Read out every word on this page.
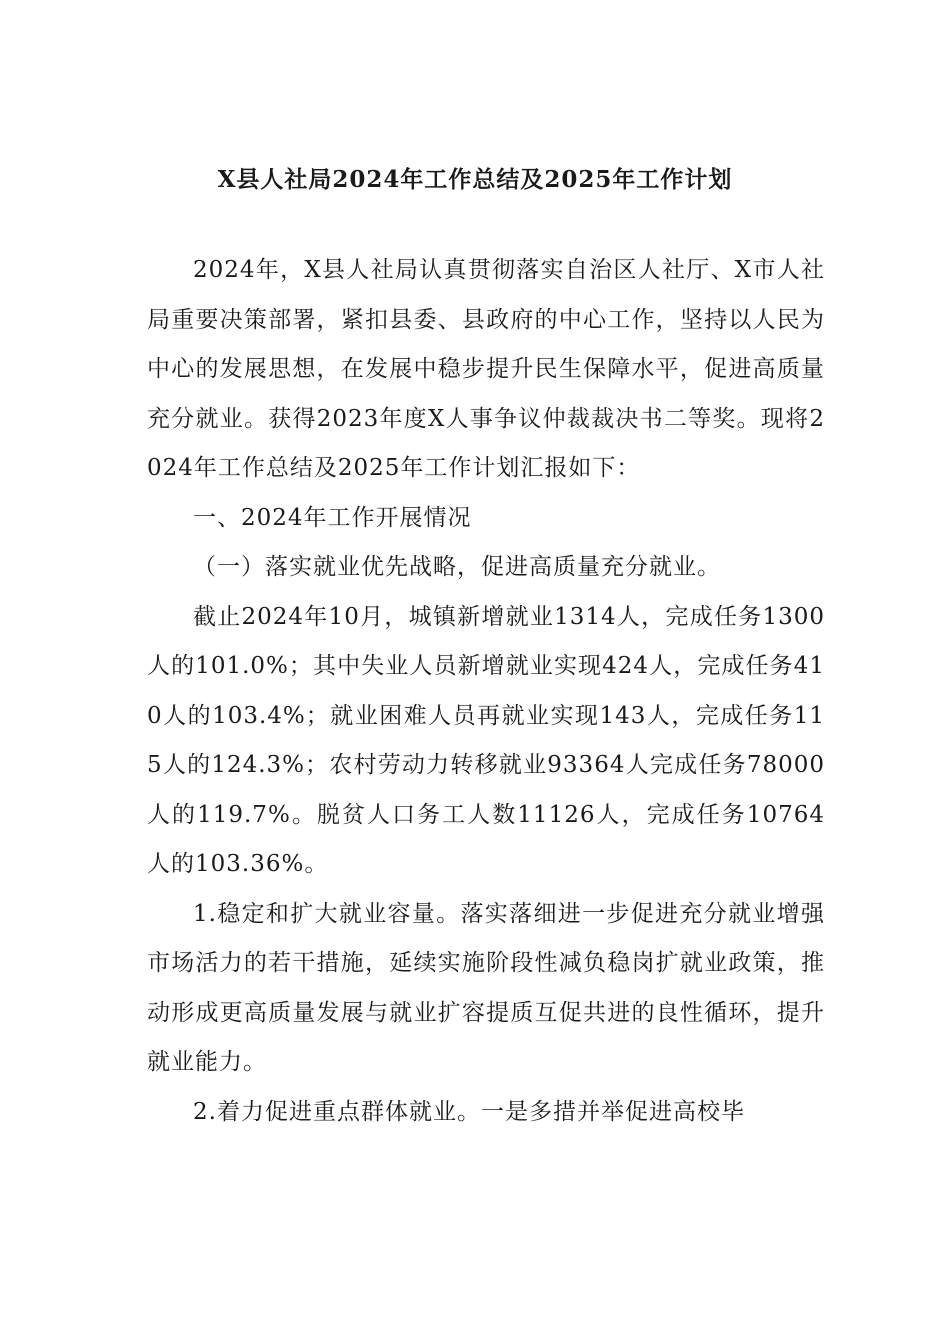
X县人社局2024年工作总结及2025年工作计划

2024年，X县人社局认真贯彻落实自治区人社厅、X市人社局重要决策部署，紧扣县委、县政府的中心工作，坚持以人民为中心的发展思想，在发展中稳步提升民生保障水平，促进高质量充分就业。获得2023年度X人事争议仲裁裁决书二等奖。现将2024年工作总结及2025年工作计划汇报如下：

一、2024年工作开展情况

（一）落实就业优先战略，促进高质量充分就业。

截止2024年10月，城镇新增就业1314人，完成任务1300人的101.0%；其中失业人员新增就业实现424人，完成任务410人的103.4%；就业困难人员再就业实现143人，完成任务115人的124.3%；农村劳动力转移就业93364人完成任务78000人的119.7%。脱贫人口务工人数11126人，完成任务10764人的103.36%。

1.稳定和扩大就业容量。落实落细进一步促进充分就业增强市场活力的若干措施，延续实施阶段性减负稳岗扩就业政策，推动形成更高质量发展与就业扩容提质互促共进的良性循环，提升就业能力。

2.着力促进重点群体就业。一是多措并举促进高校毕
